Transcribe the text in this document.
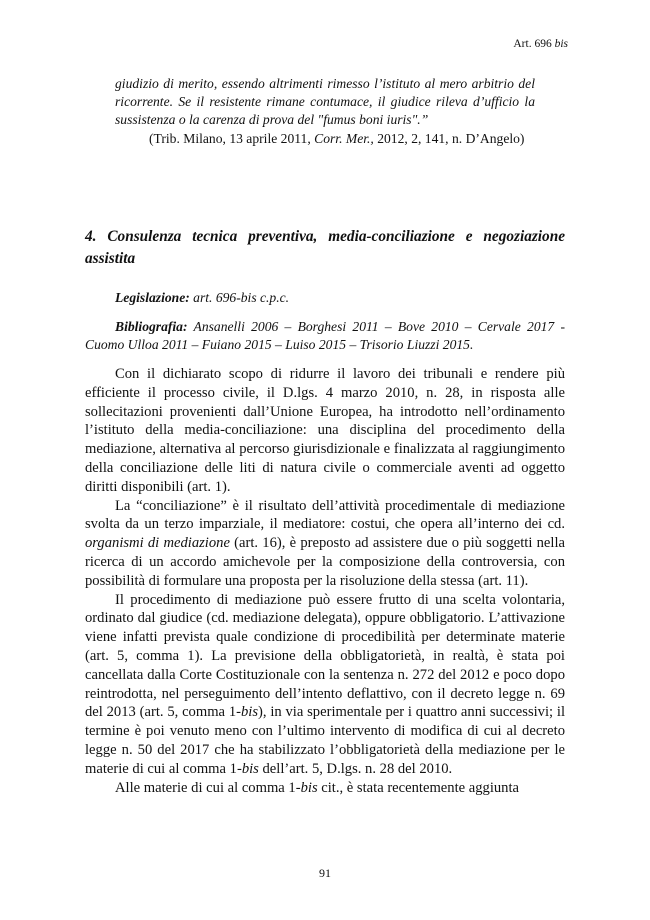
Art. 696 bis

giudizio di merito, essendo altrimenti rimesso l’istituto al mero arbitrio del ricorrente. Se il resistente rimane contumace, il giudice rileva d’ufficio la sussistenza o la carenza di prova del "fumus boni iuris".”

(Trib. Milano, 13 aprile 2011, Corr. Mer., 2012, 2, 141, n. D’Angelo)

4. Consulenza tecnica preventiva, media-conciliazione e negoziazione assistita

Legislazione: art. 696-bis c.p.c.

Bibliografia: Ansanelli 2006 – Borghesi 2011 – Bove 2010 – Cervale 2017 - Cuomo Ulloa 2011 – Fuiano 2015 – Luiso 2015 – Trisorio Liuzzi 2015.

Con il dichiarato scopo di ridurre il lavoro dei tribunali e rendere più efficiente il processo civile, il D.lgs. 4 marzo 2010, n. 28, in risposta alle sollecitazioni provenienti dall’Unione Europea, ha introdotto nell’ordinamento l’istituto della media-conciliazione: una disciplina del procedimento della mediazione, alternativa al percorso giurisdizionale e finalizzata al raggiungimento della conciliazione delle liti di natura civile o commerciale aventi ad oggetto diritti disponibili (art. 1).

La “conciliazione” è il risultato dell’attività procedimentale di mediazione svolta da un terzo imparziale, il mediatore: costui, che opera all’interno dei cd. organismi di mediazione (art. 16), è preposto ad assistere due o più soggetti nella ricerca di un accordo amichevole per la composizione della controversia, con possibilità di formulare una proposta per la risoluzione della stessa (art. 11).

Il procedimento di mediazione può essere frutto di una scelta volontaria, ordinato dal giudice (cd. mediazione delegata), oppure obbligatorio. L’attivazione viene infatti prevista quale condizione di procedibilità per determinate materie (art. 5, comma 1). La previsione della obbligatorietà, in realtà, è stata poi cancellata dalla Corte Costituzionale con la sentenza n. 272 del 2012 e poco dopo reintrodotta, nel perseguimento dell’intento deflattivo, con il decreto legge n. 69 del 2013 (art. 5, comma 1-bis), in via sperimentale per i quattro anni successivi; il termine è poi venuto meno con l’ultimo intervento di modifica di cui al decreto legge n. 50 del 2017 che ha stabilizzato l’obbligatorietà della mediazione per le materie di cui al comma 1-bis dell’art. 5, D.lgs. n. 28 del 2010.

Alle materie di cui al comma 1-bis cit., è stata recentemente aggiunta

91
